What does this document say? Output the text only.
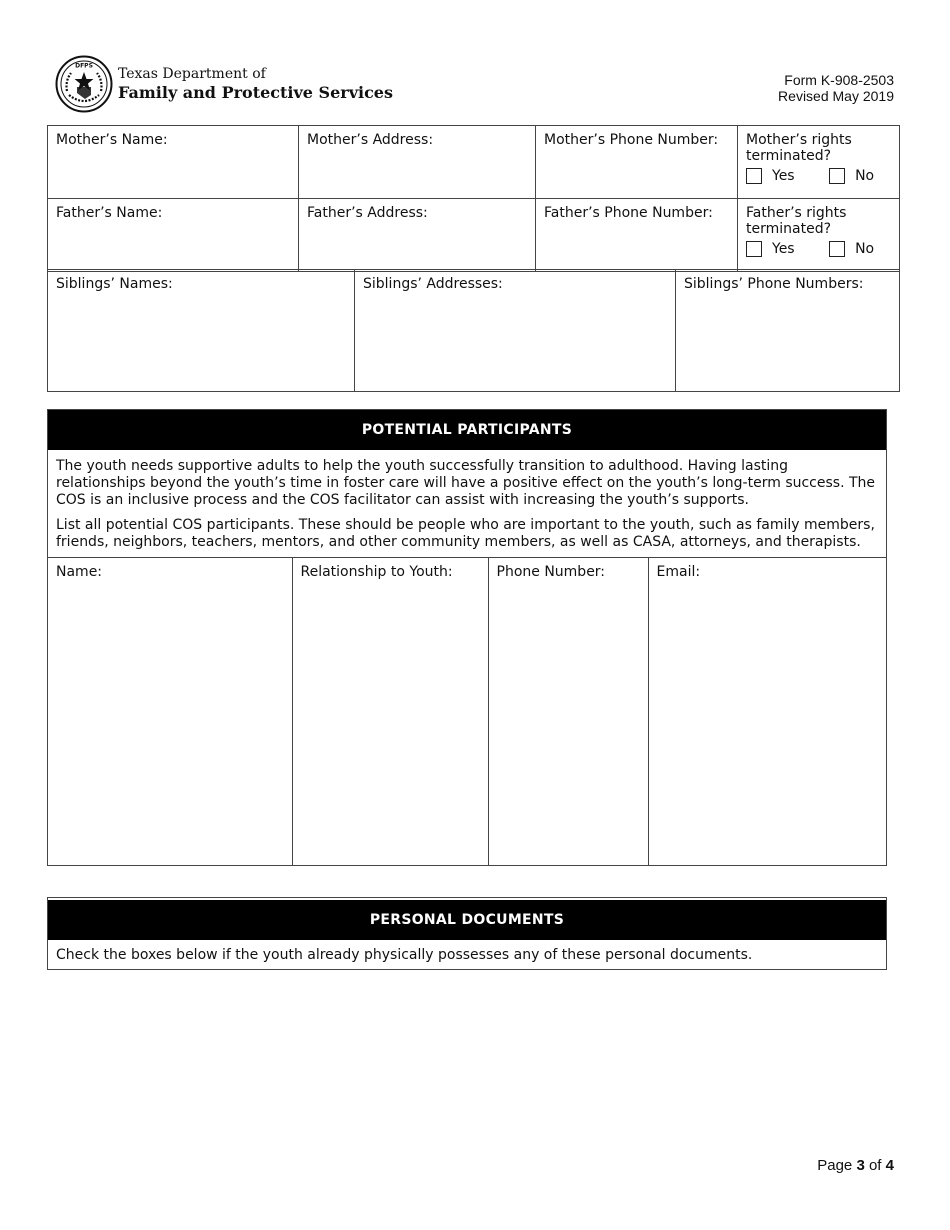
DFPS Texas Department of
Family and Protective Services
Form K-908-2503
Revised May 2019
Mother’s Name:	Mother’s Address:	Mother’s Phone Number:	Mother’s rights terminated?
Yes
No

Father’s Name:	Father’s Address:	Father’s Phone Number:	Father’s rights terminated?
Yes
No
Siblings’ Names:	Siblings’ Addresses:	Siblings’ Phone Numbers:
POTENTIAL PARTICIPANTS

The youth needs supportive adults to help the youth successfully transition to adulthood. Having lasting relationships beyond the youth’s time in foster care will have a positive effect on the youth’s long-term success. The COS is an inclusive process and the COS facilitator can assist with increasing the youth’s supports.

List all potential COS participants. These should be people who are important to the youth, such as family members, friends, neighbors, teachers, mentors, and other community members, as well as CASA, attorneys, and therapists.

Name:	Relationship to Youth:	Phone Number:	Email:
PERSONAL DOCUMENTS
Check the boxes below if the youth already physically possesses any of these personal documents.
Page 3 of 4
